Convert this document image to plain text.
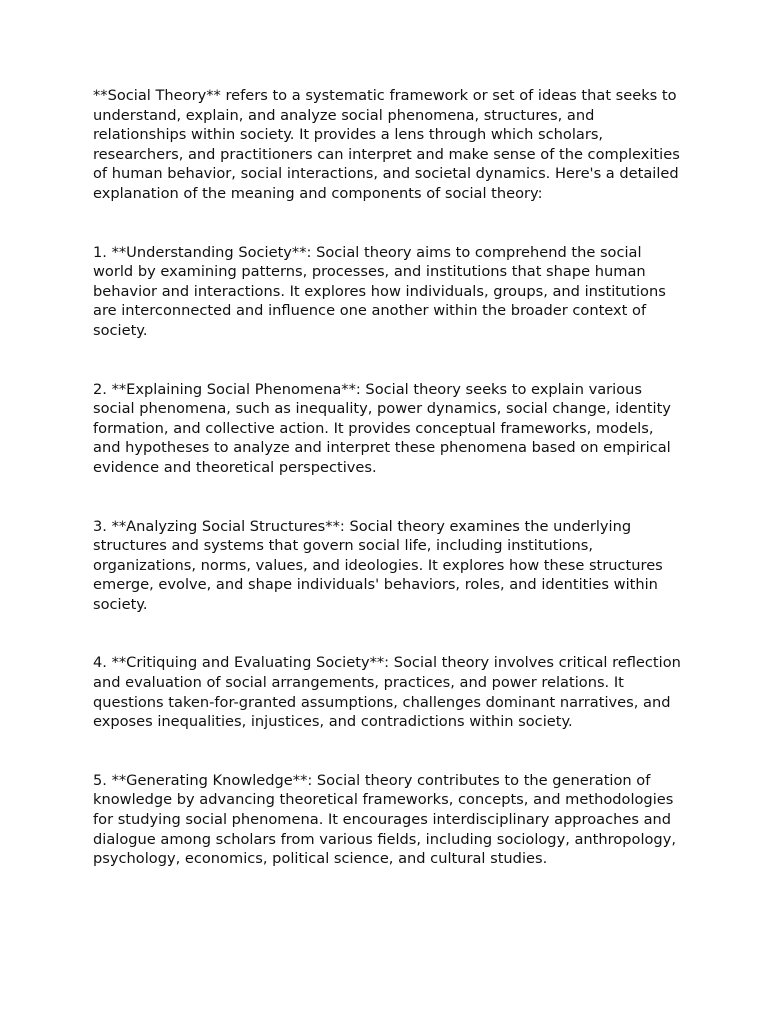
**Social Theory** refers to a systematic framework or set of ideas that seeks to understand, explain, and analyze social phenomena, structures, and relationships within society. It provides a lens through which scholars, researchers, and practitioners can interpret and make sense of the complexities of human behavior, social interactions, and societal dynamics. Here's a detailed explanation of the meaning and components of social theory:

1. **Understanding Society**: Social theory aims to comprehend the social world by examining patterns, processes, and institutions that shape human behavior and interactions. It explores how individuals, groups, and institutions are interconnected and influence one another within the broader context of society.

2. **Explaining Social Phenomena**: Social theory seeks to explain various social phenomena, such as inequality, power dynamics, social change, identity formation, and collective action. It provides conceptual frameworks, models, and hypotheses to analyze and interpret these phenomena based on empirical evidence and theoretical perspectives.

3. **Analyzing Social Structures**: Social theory examines the underlying structures and systems that govern social life, including institutions, organizations, norms, values, and ideologies. It explores how these structures emerge, evolve, and shape individuals' behaviors, roles, and identities within society.

4. **Critiquing and Evaluating Society**: Social theory involves critical reflection and evaluation of social arrangements, practices, and power relations. It questions taken-for-granted assumptions, challenges dominant narratives, and exposes inequalities, injustices, and contradictions within society.

5. **Generating Knowledge**: Social theory contributes to the generation of knowledge by advancing theoretical frameworks, concepts, and methodologies for studying social phenomena. It encourages interdisciplinary approaches and dialogue among scholars from various fields, including sociology, anthropology, psychology, economics, political science, and cultural studies.
